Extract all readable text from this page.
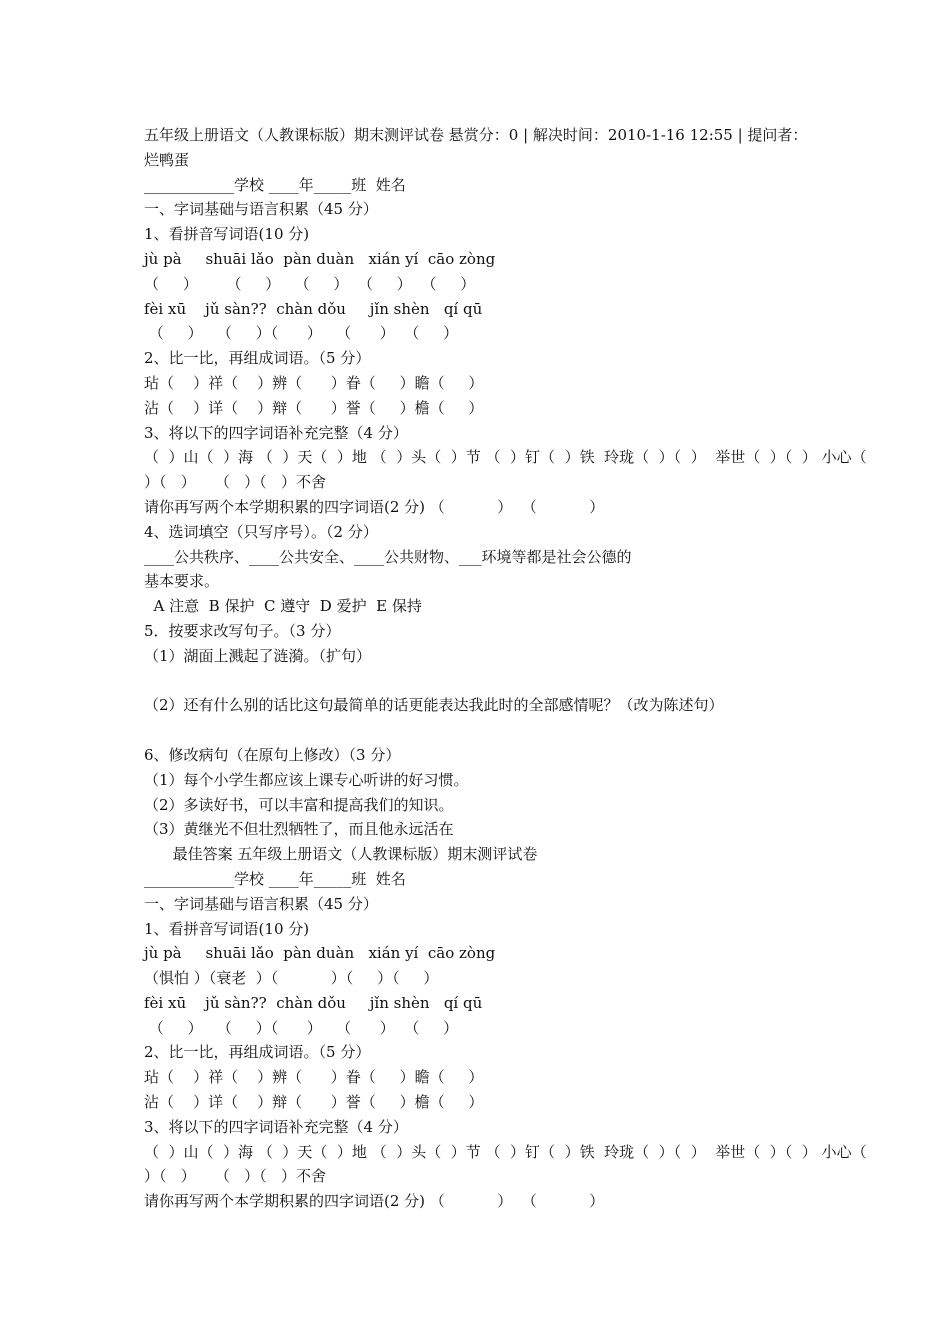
五年级上册语文（人教课标版）期末测评试卷 悬赏分：0 | 解决时间：2010-1-16 12:55 | 提问者：
烂鸭蛋
____________学校 ____年_____班  姓名
一、字词基础与语言积累（45 分）
1、看拼音写词语(10 分)
jù pà     shuāi lǎo  pàn duàn   xián yí  cāo zòng
（     ）      （     ）   （     ）  （     ）  （     ）
fèi xū    jǔ sàn??  chàn dǒu     jǐn shèn   qí qū
（     ）   （     ）（      ）   （      ）  （     ）
2、比一比，再组成词语。（5 分）
玷（    ）祥（    ）辨（      ）眷（     ）瞻（     ）
沾（    ）详（    ）辩（      ）誉（     ）檐（     ）
3、将以下的四字词语补充完整（4 分）
（  ）山（  ）海 （  ）天（  ）地 （  ）头（  ）节 （  ）钉（  ）铁  玲珑（  ）（  ）  举世（  ）（  ） 小心（
）（   ）    （   ）（   ）不舍
请你再写两个本学期积累的四字词语(2 分) （           ）  （           ）
4、选词填空（只写序号）。（2 分）
____公共秩序、____公共安全、____公共财物、___环境等都是社会公德的
基本要求。
A 注意  B 保护  C 遵守  D 爱护  E 保持
5．按要求改写句子。（3 分）
（1）湖面上溅起了涟漪。（扩句）
（2）还有什么别的话比这句最简单的话更能表达我此时的全部感情呢？（改为陈述句）
6、修改病句（在原句上修改）（3 分）
（1）每个小学生都应该上课专心听讲的好习惯。
（2）多读好书，可以丰富和提高我们的知识。
（3）黄继光不但壮烈牺牲了，而且他永远活在
最佳答案 五年级上册语文（人教课标版）期末测评试卷
____________学校 ____年_____班  姓名
一、字词基础与语言积累（45 分）
1、看拼音写词语(10 分)
jù pà     shuāi lǎo  pàn duàn   xián yí  cāo zòng
（惧怕 ）（衰老  ）（           ）（     ）（     ）
fèi xū    jǔ sàn??  chàn dǒu     jǐn shèn   qí qū
（     ）   （     ）（      ）   （      ）  （     ）
2、比一比，再组成词语。（5 分）
玷（    ）祥（    ）辨（      ）眷（     ）瞻（     ）
沾（    ）详（    ）辩（      ）誉（     ）檐（     ）
3、将以下的四字词语补充完整（4 分）
（  ）山（  ）海 （  ）天（  ）地 （  ）头（  ）节 （  ）钉（  ）铁  玲珑（  ）（  ）  举世（  ）（  ） 小心（
）（   ）    （   ）（   ）不舍
请你再写两个本学期积累的四字词语(2 分) （           ）  （           ）
